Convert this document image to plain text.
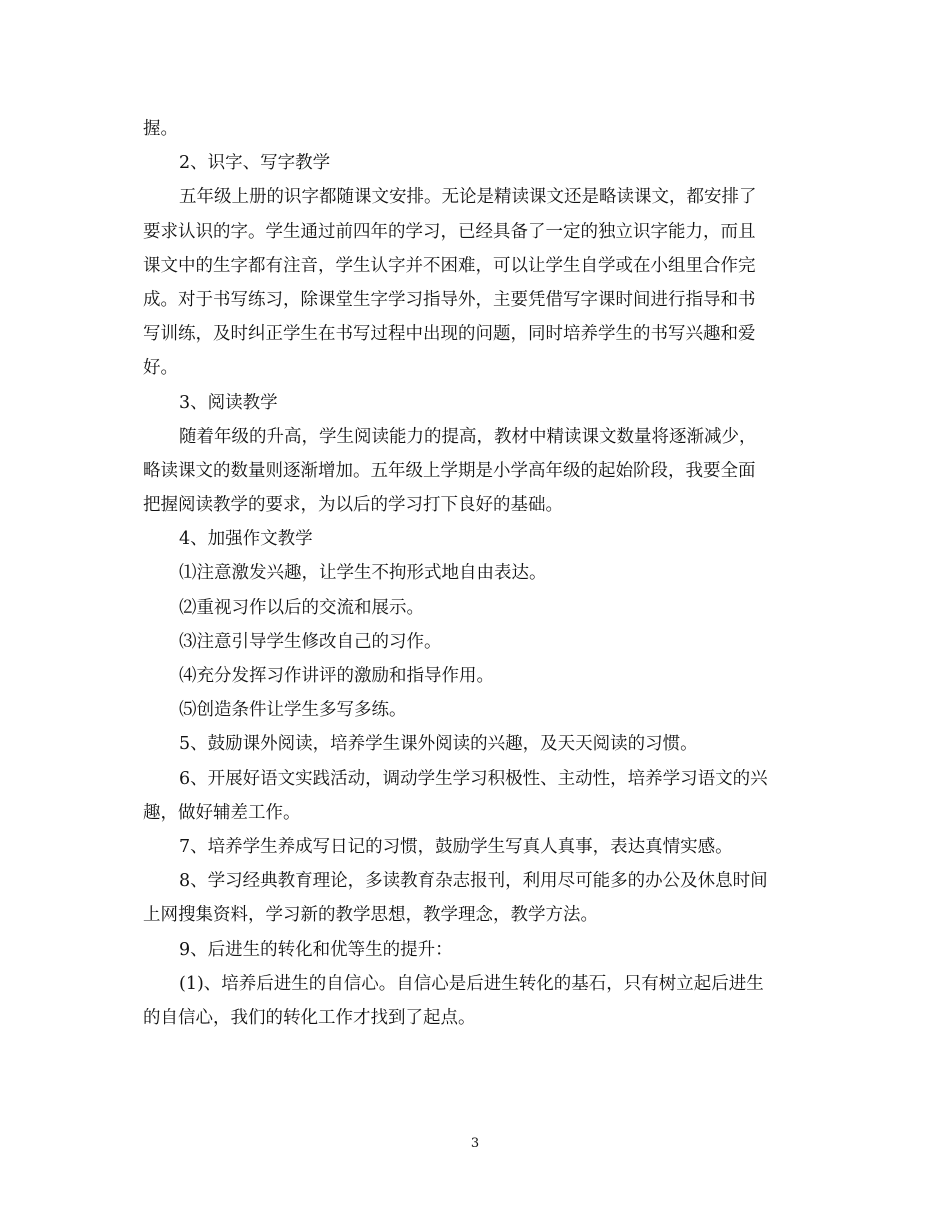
握。
2、识字、写字教学
五年级上册的识字都随课文安排。无论是精读课文还是略读课文，都安排了
要求认识的字。学生通过前四年的学习，已经具备了一定的独立识字能力，而且
课文中的生字都有注音，学生认字并不困难，可以让学生自学或在小组里合作完
成。对于书写练习，除课堂生字学习指导外，主要凭借写字课时间进行指导和书
写训练，及时纠正学生在书写过程中出现的问题，同时培养学生的书写兴趣和爱
好。
3、阅读教学
随着年级的升高，学生阅读能力的提高，教材中精读课文数量将逐渐减少，
略读课文的数量则逐渐增加。五年级上学期是小学高年级的起始阶段，我要全面
把握阅读教学的要求，为以后的学习打下良好的基础。
4、加强作文教学
⑴注意激发兴趣，让学生不拘形式地自由表达。
⑵重视习作以后的交流和展示。
⑶注意引导学生修改自己的习作。
⑷充分发挥习作讲评的激励和指导作用。
⑸创造条件让学生多写多练。
5、鼓励课外阅读，培养学生课外阅读的兴趣，及天天阅读的习惯。
6、开展好语文实践活动，调动学生学习积极性、主动性，培养学习语文的兴
趣，做好辅差工作。
7、培养学生养成写日记的习惯，鼓励学生写真人真事，表达真情实感。
8、学习经典教育理论，多读教育杂志报刊，利用尽可能多的办公及休息时间
上网搜集资料，学习新的教学思想，教学理念，教学方法。
9、后进生的转化和优等生的提升：
(1)、培养后进生的自信心。自信心是后进生转化的基石，只有树立起后进生
的自信心，我们的转化工作才找到了起点。
3
